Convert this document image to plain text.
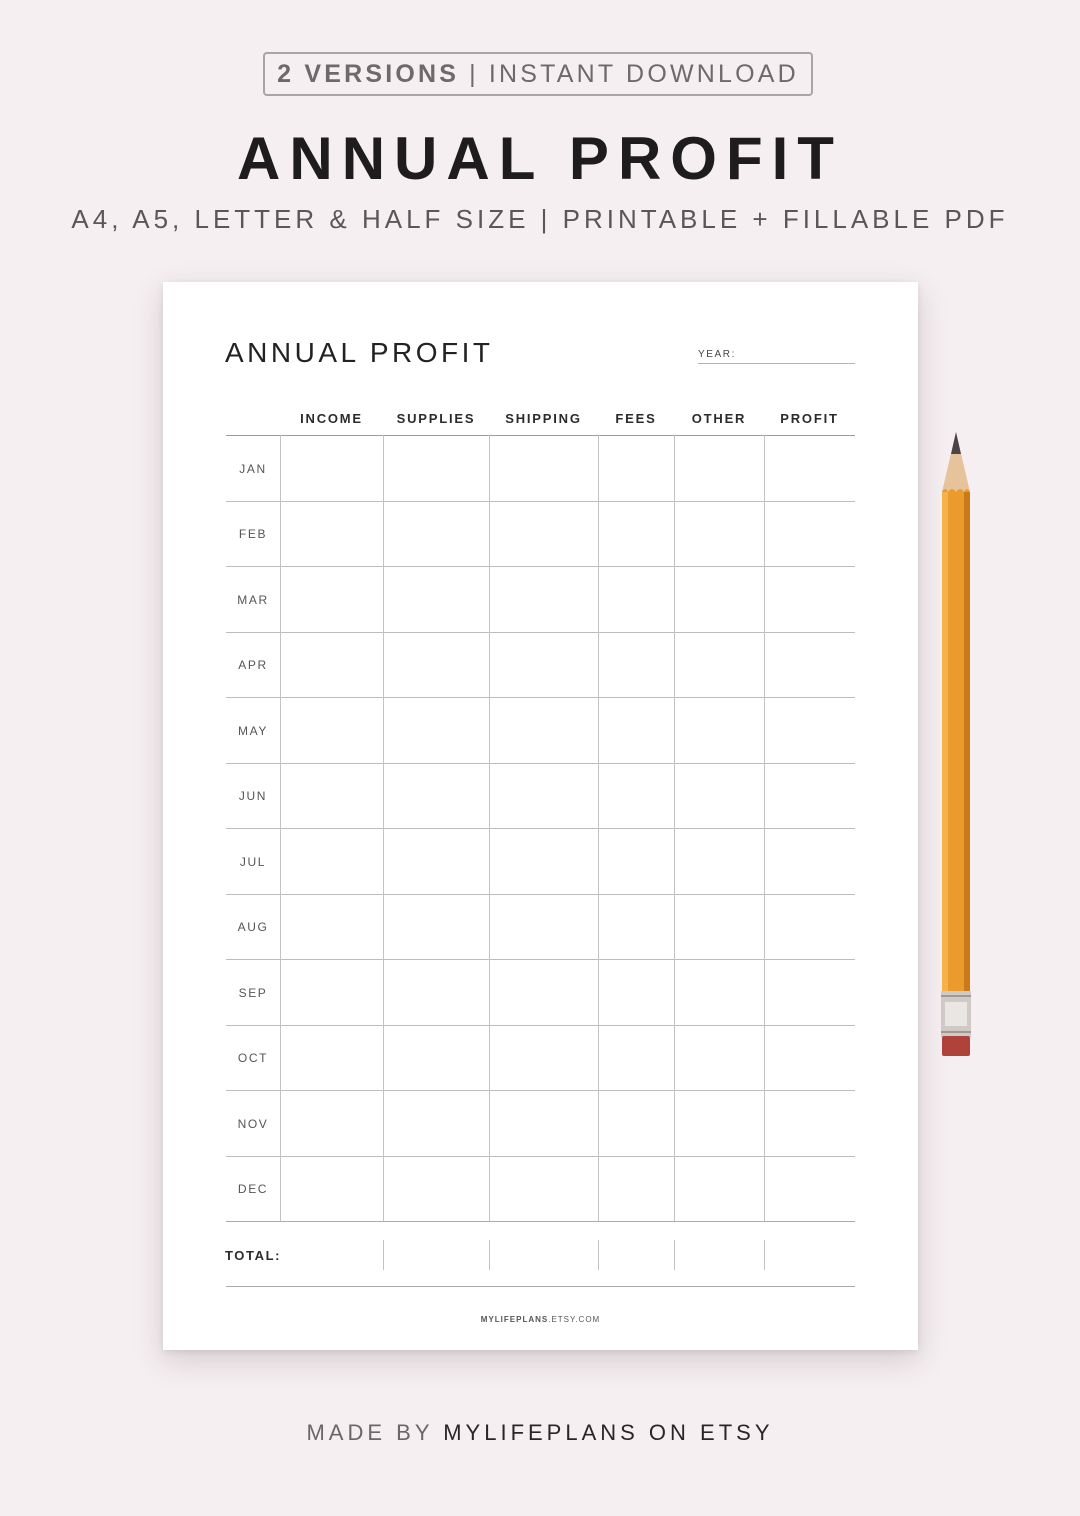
2 VERSIONS | INSTANT DOWNLOAD
ANNUAL PROFIT
A4, A5, LETTER & HALF SIZE | PRINTABLE + FILLABLE PDF
ANNUAL PROFIT	YEAR:
INCOME	SUPPLIES	SHIPPING	FEES	OTHER	PROFIT
JAN
FEB
MAR
APR
MAY
JUN
JUL
AUG
SEP
OCT
NOV
DEC
TOTAL:
MYLIFEPLANS.ETSY.COM
MADE BY MYLIFEPLANS ON ETSY
